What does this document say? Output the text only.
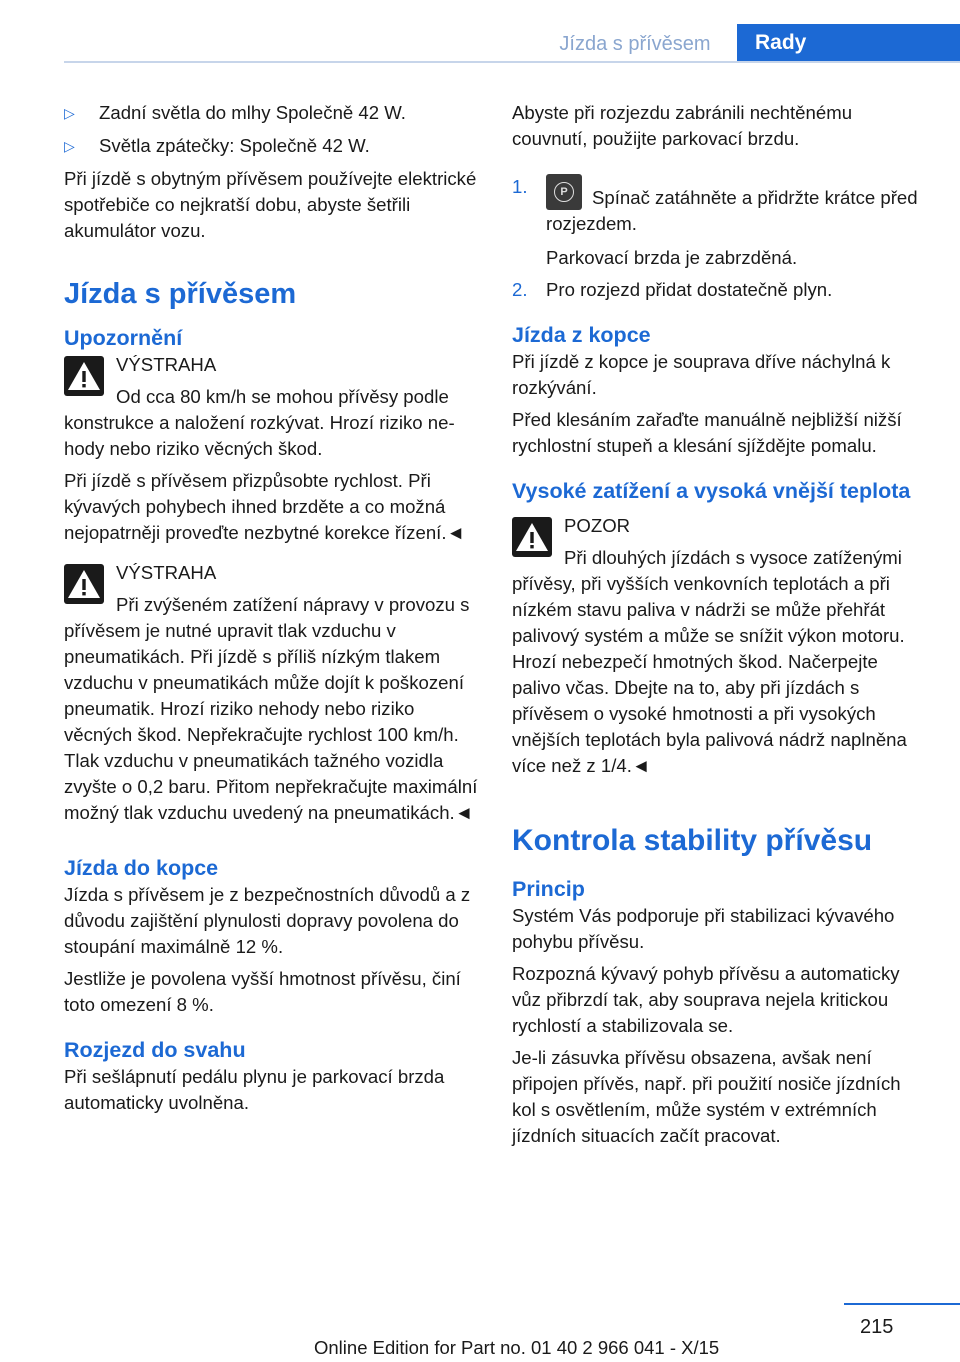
Jízda s přívěsem	Rady
▷ Zadní světla do mlhy Společně 42 W.
▷ Světla zpátečky: Společně 42 W.

Při jízdě s obytným přívěsem používejte elektrické spotřebiče co nejkratší dobu, abyste šetřili akumulátor vozu.

Jízda s přívěsem
Upozornění

VÝSTRAHA

Od cca 80 km/h se mohou přívěsy podle konstrukce a naložení rozkývat. Hrozí riziko nehody nebo riziko věcných škod.

Při jízdě s přívěsem přizpůsobte rychlost. Při kývavých pohybech ihned brzděte a co možná nejopatrněji proveďte nezbytné korekce řízení.◄

VÝSTRAHA

Při zvýšeném zatížení nápravy v provozu s přívěsem je nutné upravit tlak vzduchu v pneumatikách. Při jízdě s příliš nízkým tlakem vzduchu v pneumatikách může dojít k poškození pneumatik. Hrozí riziko nehody nebo riziko věcných škod. Nepřekračujte rychlost 100 km/h. Tlak vzduchu v pneumatikách tažného vozidla zvyšte o 0,2 baru. Přitom nepřekračujte maximální možný tlak vzduchu uvedený na pneumatikách.◄

Jízda do kopce

Jízda s přívěsem je z bezpečnostních důvodů a z důvodu zajištění plynulosti dopravy povolena do stoupání maximálně 12 %.

Jestliže je povolena vyšší hmotnost přívěsu, činí toto omezení 8 %.

Rozjezd do svahu

Při sešlápnutí pedálu plynu je parkovací brzda automaticky uvolněna.

Abyste při rozjezdu zabránili nechtěnému couvnutí, použijte parkovací brzdu.

1.	P	Spínač zatáhněte a přidržte krátce před rozjezdem.

Parkovací brzda je zabrzděná.

2. Pro rozjezd přidat dostatečně plyn.
Jízda z kopce

Při jízdě z kopce je souprava dříve náchylná k rozkývání.

Před klesáním zařaďte manuálně nejbližší nižší rychlostní stupeň a klesání sjíždějte pomalu.

Vysoké zatížení a vysoká vnější teplota

POZOR

Při dlouhých jízdách s vysoce zatíženými přívěsy, při vyšších venkovních teplotách a při nízkém stavu paliva v nádrži se může přehřát palivový systém a může se snížit výkon motoru. Hrozí nebezpečí hmotných škod. Načerpejte palivo včas. Dbejte na to, aby při jízdách s přívěsem o vysoké hmotnosti a při vysokých vnějších teplotách byla palivová nádrž naplněna více než z 1/4.◄

Kontrola stability přívěsu
Princip

Systém Vás podporuje při stabilizaci kývavého pohybu přívěsu.

Rozpozná kývavý pohyb přívěsu a automaticky vůz přibrzdí tak, aby souprava nejela kritickou rychlostí a stabilizovala se.

Je-li zásuvka přívěsu obsazena, avšak není připojen přívěs, např. při použití nosiče jízdních kol s osvětlením, může systém v extrémních jízdních situacích začít pracovat.

215
Online Edition for Part no. 01 40 2 966 041 - X/15
